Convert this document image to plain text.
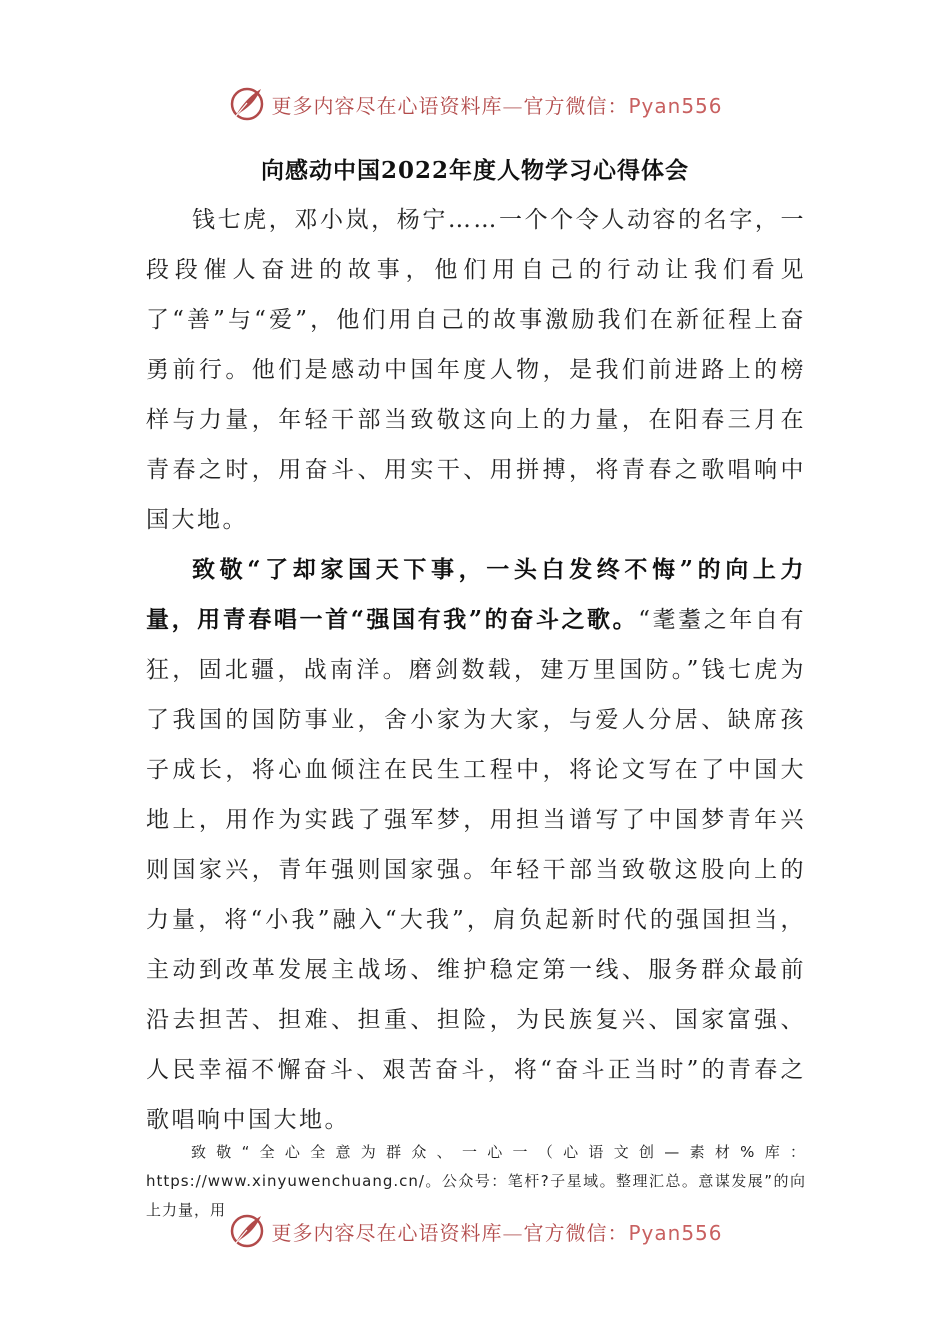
更多内容尽在心语资料库—官方微信：Pyan556
向感动中国2022年度人物学习心得体会

钱七虎，邓小岚，杨宁……一个个令人动容的名字，一段段催人奋进的故事，他们用自己的行动让我们看见了“善”与“爱”，他们用自己的故事激励我们在新征程上奋勇前行。他们是感动中国年度人物，是我们前进路上的榜样与力量，年轻干部当致敬这向上的力量，在阳春三月在青春之时，用奋斗、用实干、用拼搏，将青春之歌唱响中国大地。

致敬“了却家国天下事，一头白发终不悔”的向上力量，用青春唱一首“强国有我”的奋斗之歌。“耄耋之年自有狂，固北疆，战南洋。磨剑数载，建万里国防。”钱七虎为了我国的国防事业，舍小家为大家，与爱人分居、缺席孩子成长，将心血倾注在民生工程中，将论文写在了中国大地上，用作为实践了强军梦，用担当谱写了中国梦青年兴则国家兴，青年强则国家强。年轻干部当致敬这股向上的力量，将“小我”融入“大我”，肩负起新时代的强国担当，主动到改革发展主战场、维护稳定第一线、服务群众最前沿去担苦、担难、担重、担险，为民族复兴、国家富强、人民幸福不懈奋斗、艰苦奋斗，将“奋斗正当时”的青春之歌唱响中国大地。

致敬“全心全意为群众、一心一（心语文创—素材%库：https://www.xinyuwenchuang.cn/。公众号：笔杆?子星域。整理汇总。意谋发展”的向上力量，用

更多内容尽在心语资料库—官方微信：Pyan556
